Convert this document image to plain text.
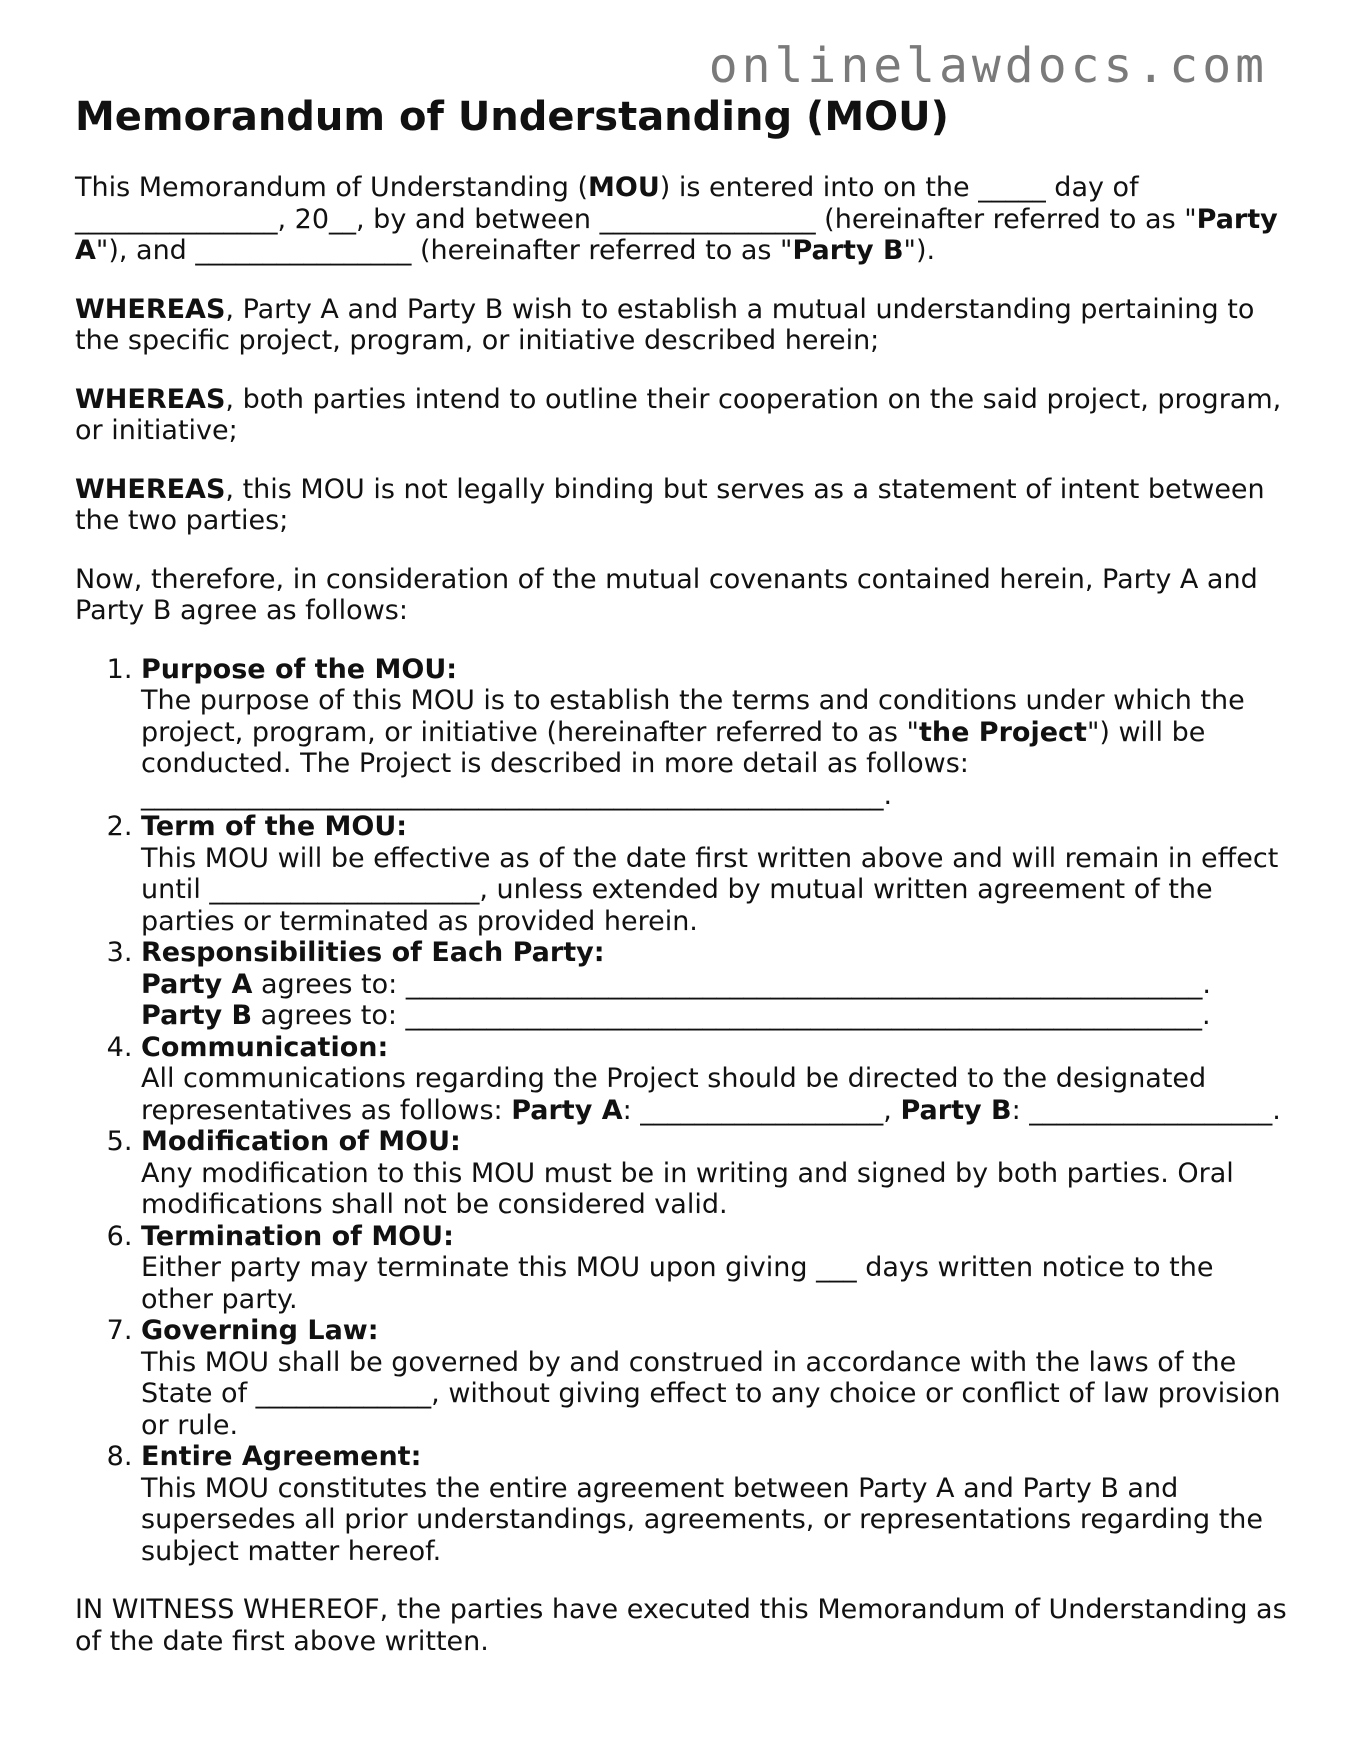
onlinelawdocs.com
Memorandum of Understanding (MOU)

This Memorandum of Understanding (MOU) is entered into on the _____ day of _______________, 20__, by and between ________________ (hereinafter referred to as "Party A"), and ________________ (hereinafter referred to as "Party B").

WHEREAS, Party A and Party B wish to establish a mutual understanding pertaining to the specific project, program, or initiative described herein;

WHEREAS, both parties intend to outline their cooperation on the said project, program, or initiative;

WHEREAS, this MOU is not legally binding but serves as a statement of intent between the two parties;

Now, therefore, in consideration of the mutual covenants contained herein, Party A and Party B agree as follows:

1. Purpose of the MOU:
The purpose of this MOU is to establish the terms and conditions under which the project, program, or initiative (hereinafter referred to as "the Project") will be conducted. The Project is described in more detail as follows: _______________________________________________________.
2. Term of the MOU:
This MOU will be effective as of the date first written above and will remain in effect until ____________________, unless extended by mutual written agreement of the parties or terminated as provided herein.
3. Responsibilities of Each Party:
Party A agrees to: ___________________________________________________________.
Party B agrees to: ___________________________________________________________.
4. Communication:
All communications regarding the Project should be directed to the designated representatives as follows: Party A: __________________, Party B: __________________.
5. Modification of MOU:
Any modification to this MOU must be in writing and signed by both parties. Oral modifications shall not be considered valid.
6. Termination of MOU:
Either party may terminate this MOU upon giving ___ days written notice to the other party.
7. Governing Law:
This MOU shall be governed by and construed in accordance with the laws of the State of _____________, without giving effect to any choice or conflict of law provision or rule.
8. Entire Agreement:
This MOU constitutes the entire agreement between Party A and Party B and supersedes all prior understandings, agreements, or representations regarding the subject matter hereof.

IN WITNESS WHEREOF, the parties have executed this Memorandum of Understanding as of the date first above written.
